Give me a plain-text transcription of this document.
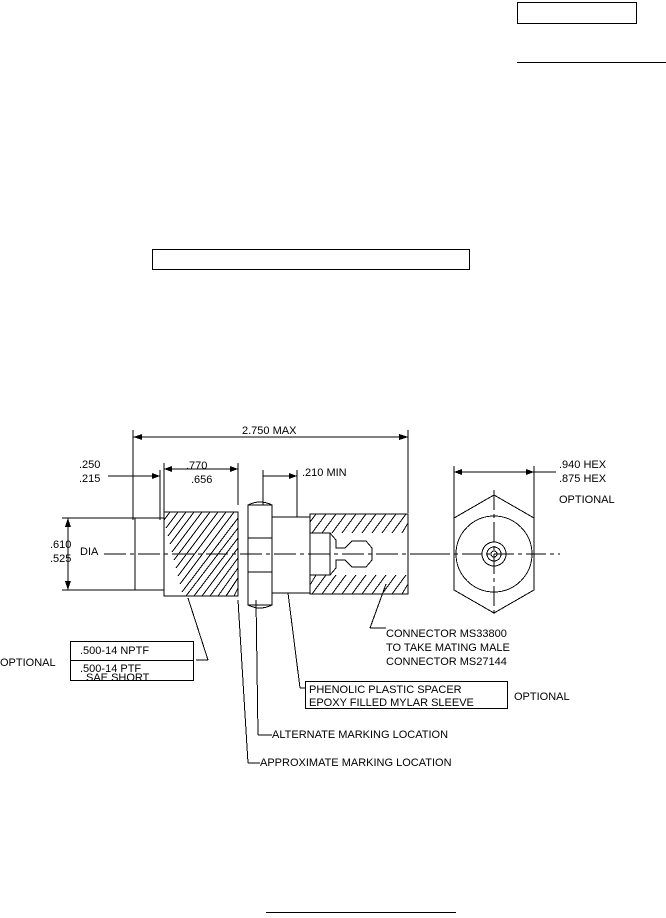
2.750 MAX
.250
.215
.770
.656
.210 MIN
.610
.525
DIA
.940 HEX
.875 HEX
OPTIONAL
CONNECTOR MS33800
TO TAKE MATING MALE
CONNECTOR MS27144
PHENOLIC PLASTIC SPACER
EPOXY FILLED MYLAR SLEEVE	OPTIONAL
ALTERNATE MARKING LOCATION
APPROXIMATE MARKING LOCATION
OPTIONAL
.500-14 NPTF
.500-14 PTF
SAE SHORT
